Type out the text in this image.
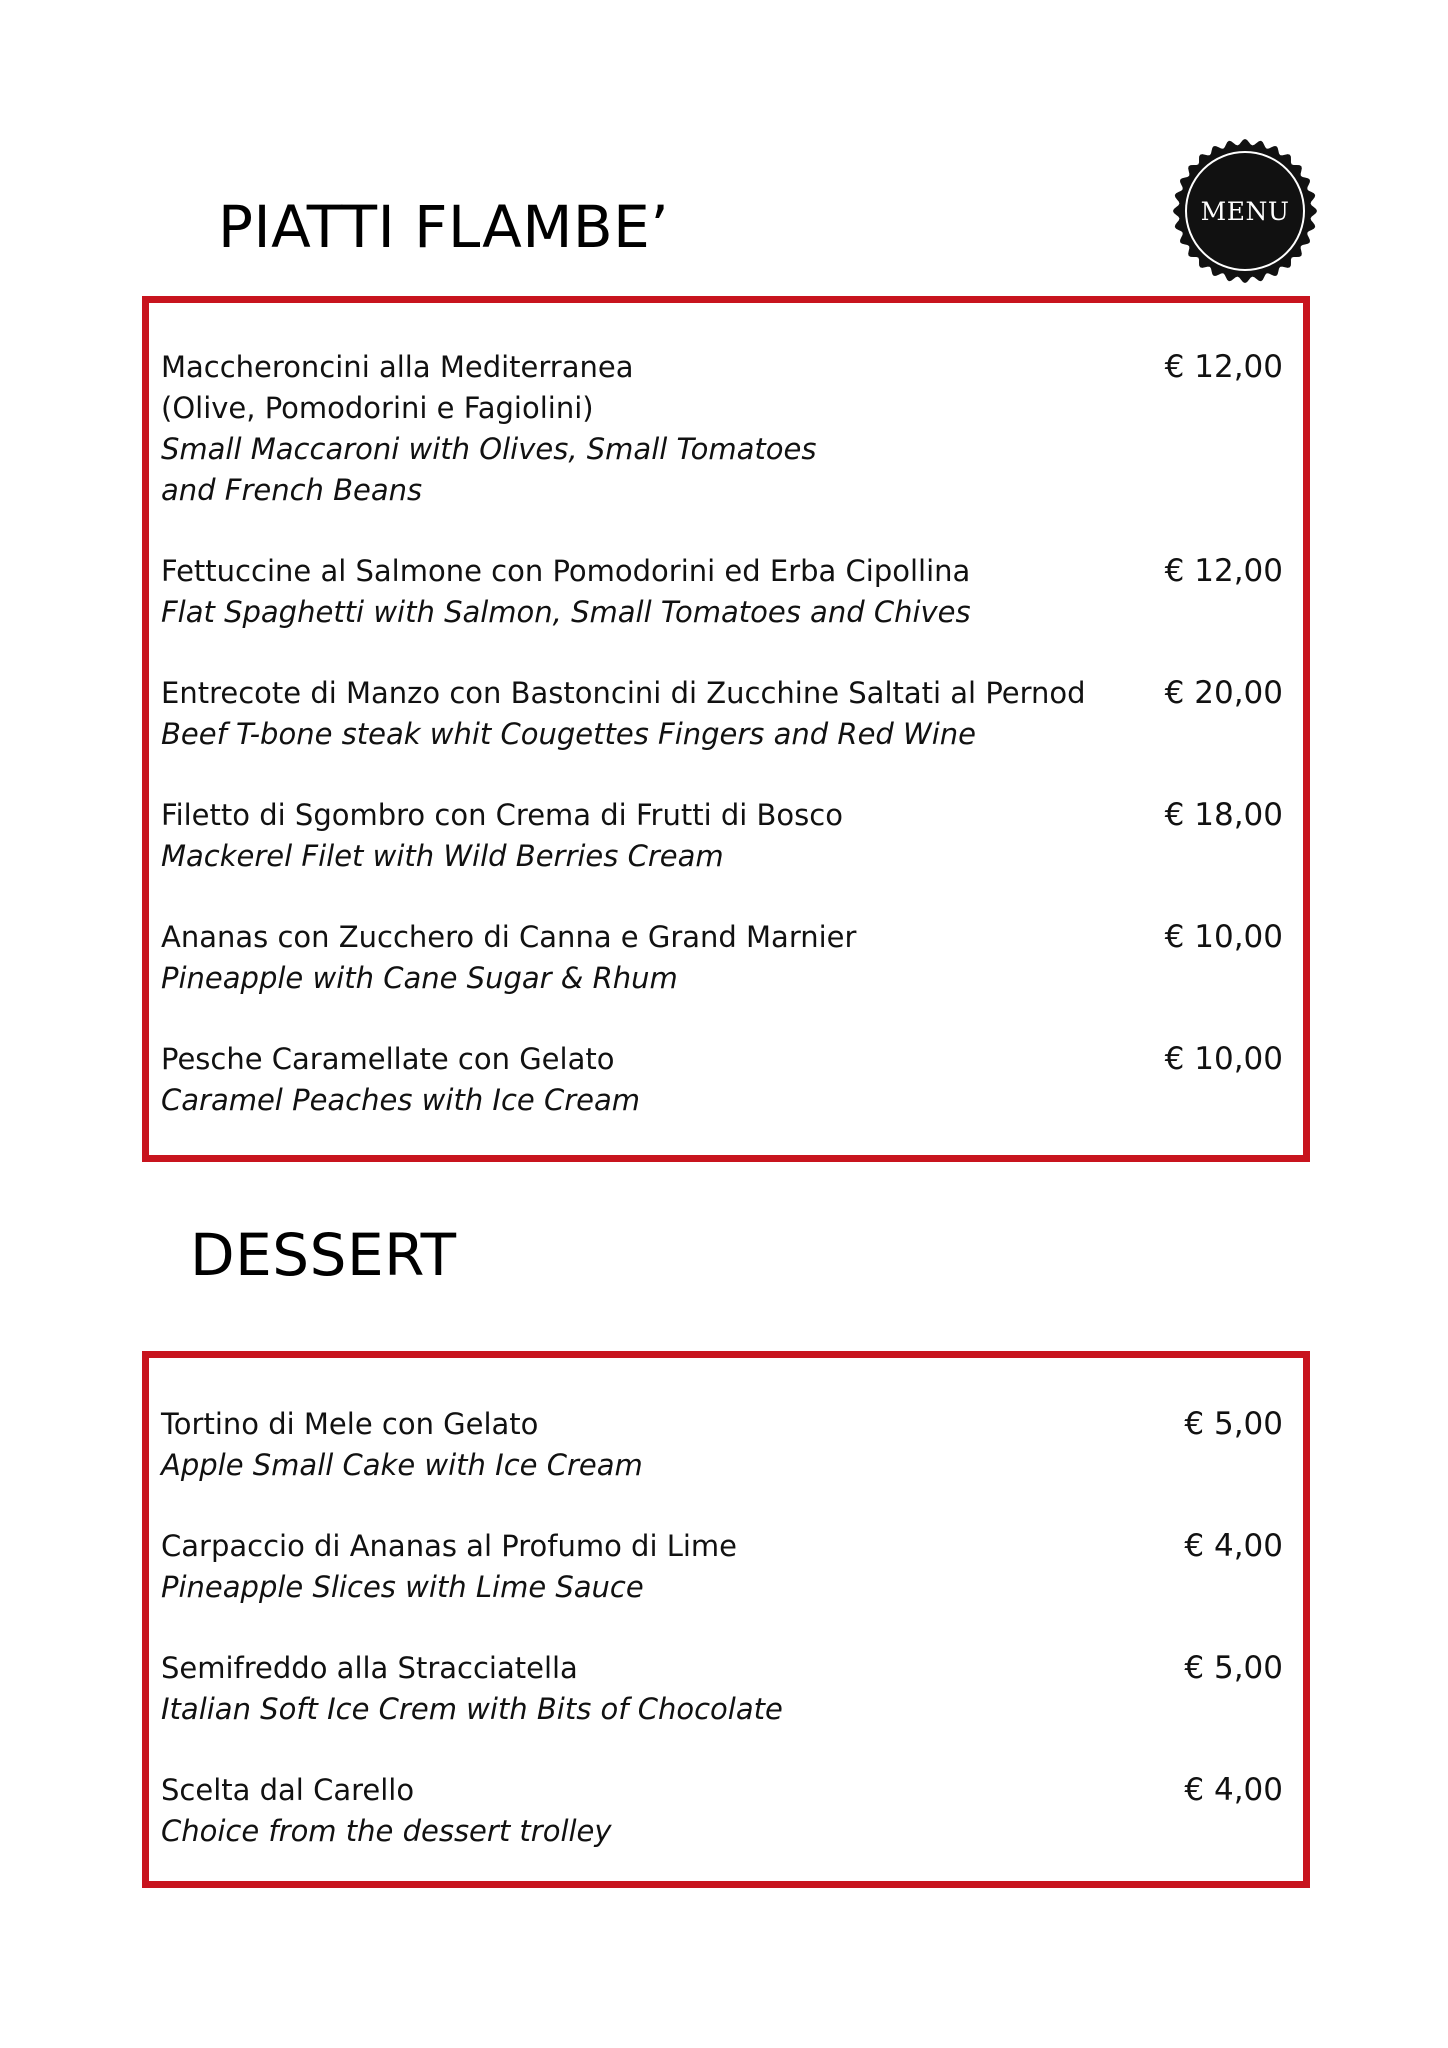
PIATTI FLAMBE’	MENU
Maccheroncini alla Mediterranea
(Olive, Pomodorini e Fagiolini)
Small Maccaroni with Olives, Small Tomatoes
and French Beans
€ 12,00
Fettuccine al Salmone con Pomodorini ed Erba Cipollina
Flat Spaghetti with Salmon, Small Tomatoes and Chives
€ 12,00
Entrecote di Manzo con Bastoncini di Zucchine Saltati al Pernod
Beef T-bone steak whit Cougettes Fingers and Red Wine
€ 20,00
Filetto di Sgombro con Crema di Frutti di Bosco
Mackerel Filet with Wild Berries Cream
€ 18,00
Ananas con Zucchero di Canna e Grand Marnier
Pineapple with Cane Sugar & Rhum
€ 10,00
Pesche Caramellate con Gelato
Caramel Peaches with Ice Cream
€ 10,00
DESSERT
Tortino di Mele con Gelato
Apple Small Cake with Ice Cream
€ 5,00
Carpaccio di Ananas al Profumo di Lime
Pineapple Slices with Lime Sauce
€ 4,00
Semifreddo alla Stracciatella
Italian Soft Ice Crem with Bits of Chocolate
€ 5,00
Scelta dal Carello
Choice from the dessert trolley
€ 4,00
